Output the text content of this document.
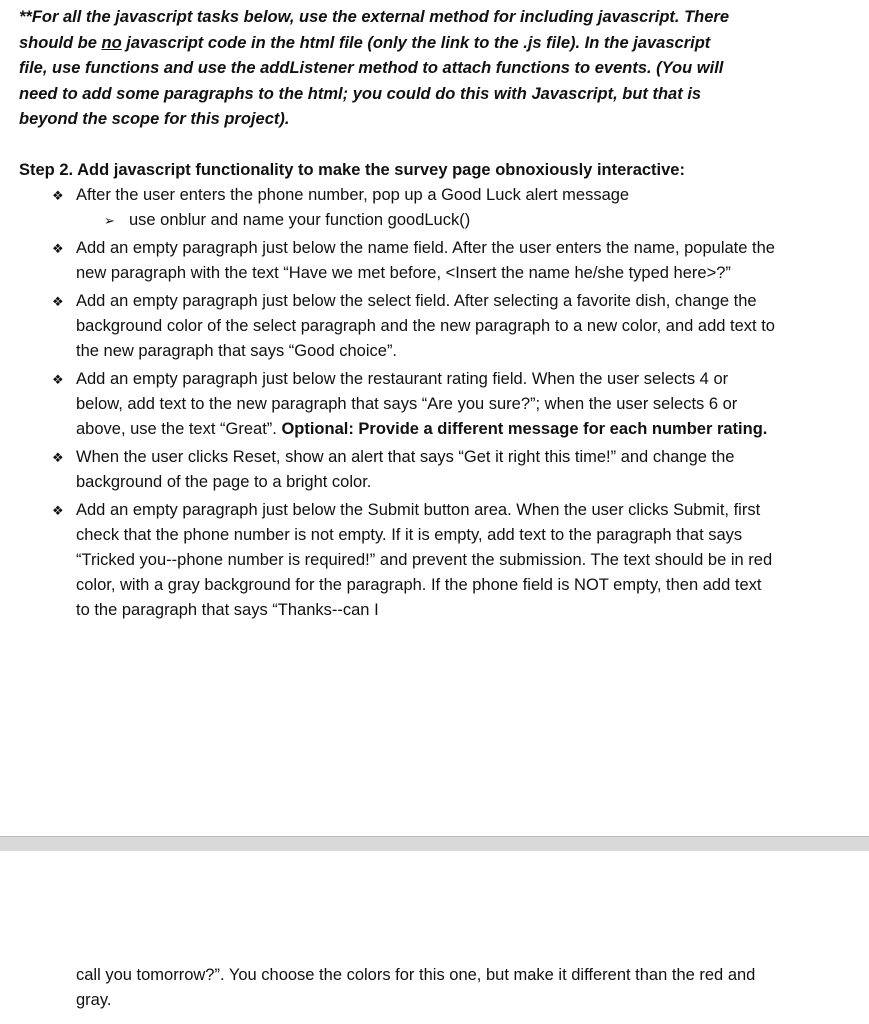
**For all the javascript tasks below, use the external method for including javascript. There should be no javascript code in the html file (only the link to the .js file). In the javascript file, use functions and use the addListener method to attach functions to events. (You will need to add some paragraphs to the html; you could do this with Javascript, but that is beyond the scope for this project).

Step 2. Add javascript functionality to make the survey page obnoxiously interactive:

❖ After the user enters the phone number, pop up a Good Luck alert message
➢ use onblur and name your function goodLuck()
❖ Add an empty paragraph just below the name field. After the user enters the name, populate the new paragraph with the text “Have we met before, <Insert the name he/she typed here>?”
❖ Add an empty paragraph just below the select field. After selecting a favorite dish, change the background color of the select paragraph and the new paragraph to a new color, and add text to the new paragraph that says “Good choice”.
❖ Add an empty paragraph just below the restaurant rating field. When the user selects 4 or below, add text to the new paragraph that says “Are you sure?”; when the user selects 6 or above, use the text “Great”. Optional: Provide a different message for each number rating.
❖ When the user clicks Reset, show an alert that says “Get it right this time!” and change the background of the page to a bright color.
❖ Add an empty paragraph just below the Submit button area. When the user clicks Submit, first check that the phone number is not empty. If it is empty, add text to the paragraph that says “Tricked you--phone number is required!” and prevent the submission. The text should be in red color, with a gray background for the paragraph. If the phone field is NOT empty, then add text to the paragraph that says “Thanks--can I

call you tomorrow?”. You choose the colors for this one, but make it different than the red and gray.
